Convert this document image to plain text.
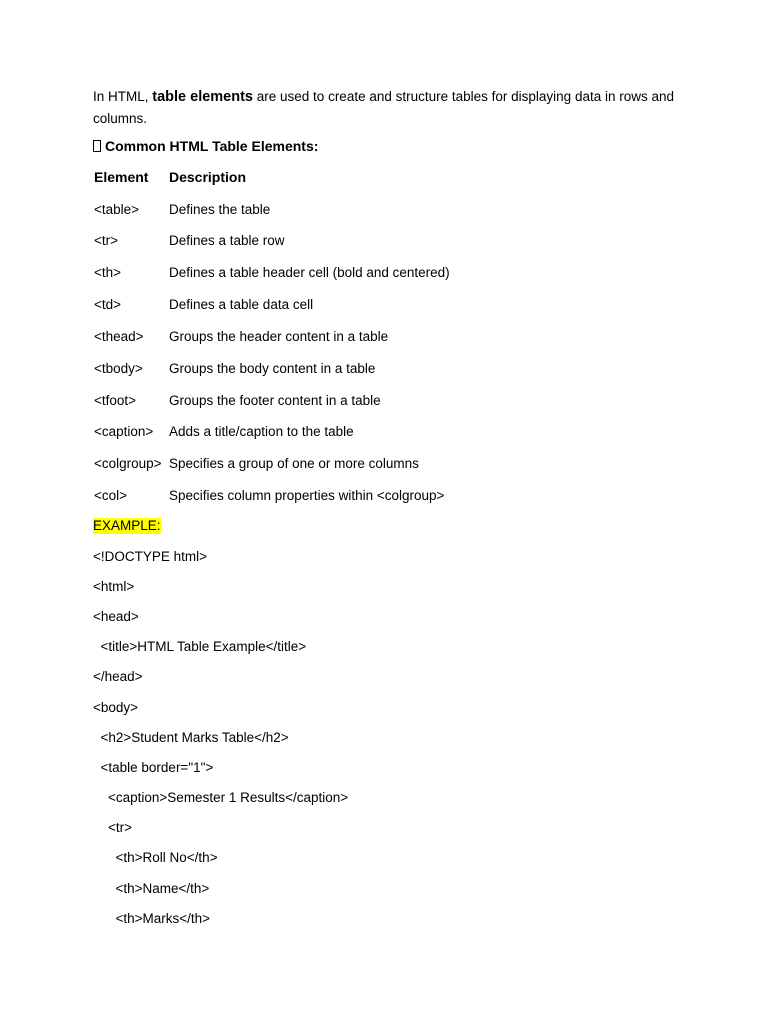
In HTML, table elements are used to create and structure tables for displaying data in rows and columns.

Common HTML Table Elements:
Element Description
<table> Defines the table
<tr>	Defines a table row
<th>	Defines a table header cell (bold and centered)
<td>	Defines a table data cell
<thead> Groups the header content in a table
<tbody> Groups the body content in a table
<tfoot> Groups the footer content in a table
<caption> Adds a title/caption to the table
<colgroup> Specifies a group of one or more columns
<col>	Specifies column properties within <colgroup>
EXAMPLE:
<!DOCTYPE html>
<html>
<head>
<title>HTML Table Example</title>
</head>
<body>
<h2>Student Marks Table</h2>
<table border="1">
<caption>Semester 1 Results</caption>
<tr>
<th>Roll No</th>
<th>Name</th>
<th>Marks</th>
